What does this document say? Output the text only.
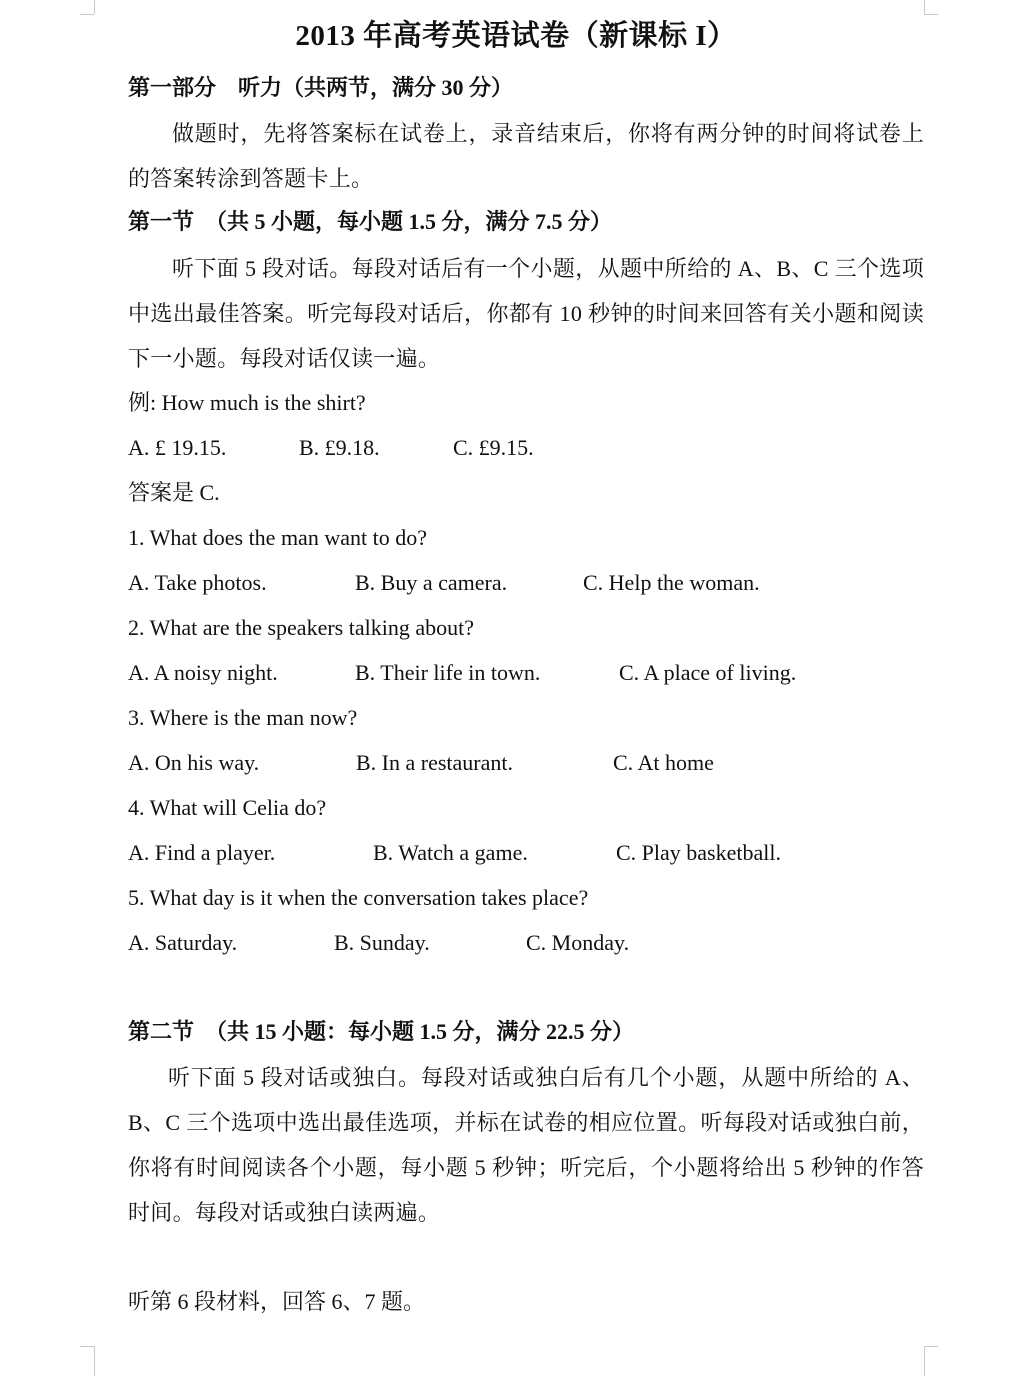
2013 年高考英语试卷（新课标 I）
第一部分　听力（共两节，满分 30 分）
做题时，先将答案标在试卷上，录音结束后，你将有两分钟的时间将试卷上的答案转涂到答题卡上。
第一节　（共 5 小题，每小题 1.5 分，满分 7.5 分）
听下面 5 段对话。每段对话后有一个小题，从题中所给的 A、B、C 三个选项中选出最佳答案。听完每段对话后，你都有 10 秒钟的时间来回答有关小题和阅读下一小题。每段对话仅读一遍。
例: How much is the shirt?
A. £ 19.15.	B. £9.18.	C. £9.15.
答案是 C.
1. What does the man want to do?
A. Take photos.	B. Buy a camera.	C. Help the woman.
2. What are the speakers talking about?
A. A noisy night.	B. Their life in town.	C. A place of living.
3. Where is the man now?
A. On his way.	B. In a restaurant.	C. At home
4. What will Celia do?
A. Find a player.	B. Watch a game.	C. Play basketball.
5. What day is it when the conversation takes place?
A. Saturday.	B. Sunday.	C. Monday.
第二节　（共 15 小题：每小题 1.5 分，满分 22.5 分）
听下面 5 段对话或独白。每段对话或独白后有几个小题，从题中所给的 A、B、C 三个选项中选出最佳选项，并标在试卷的相应位置。听每段对话或独白前，你将有时间阅读各个小题，每小题 5 秒钟；听完后，个小题将给出 5 秒钟的作答时间。每段对话或独白读两遍。
听第 6 段材料，回答 6、7 题。
